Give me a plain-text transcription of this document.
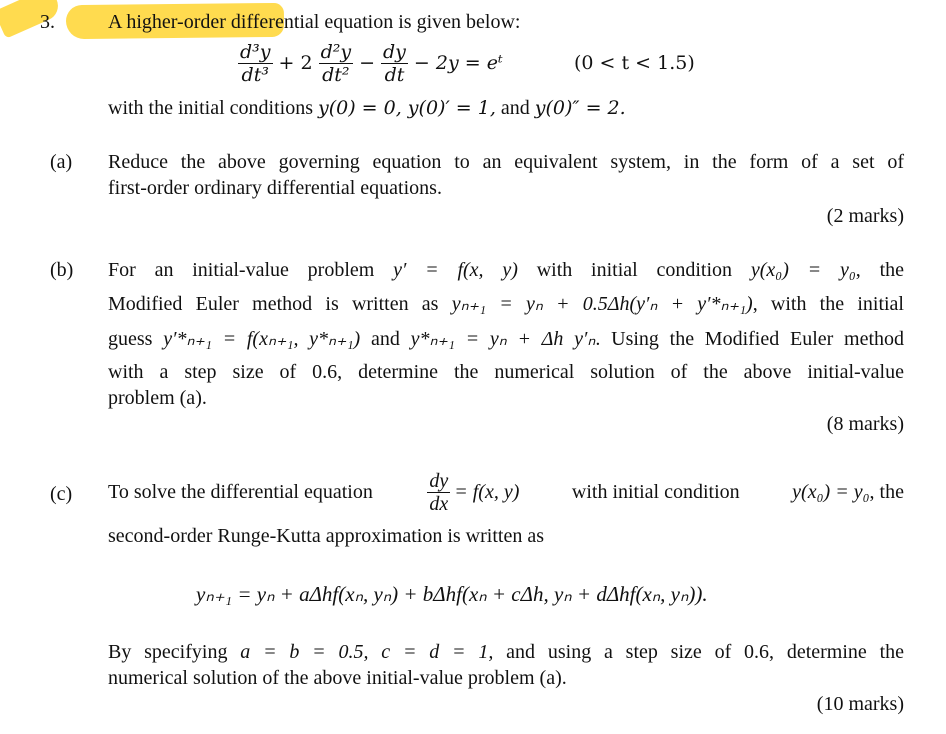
3.	A higher-order differential equation is given below:
$\frac{\text{d³y}}{\text{dt³}} + 2 \frac{\text{d²y}}{\text{dt²}} - \frac{dy}{dt} - 2y$ = eᵗ	(0 < t < 1.5)
with the initial conditions y(0) = 0, y(0)′ = 1, and y(0)″ = 2.
(a) Reduce the above governing equation to an equivalent system, in the form of a set of
first-order ordinary differential equations.
(2 marks)
(b) For an initial-value problem y′ = f(x, y) with initial condition y(x₀) = y₀, the
Modified Euler method is written as yₙ₊₁ = yₙ + 0.5Δh(y′ₙ + y′*ₙ₊₁), with the initial
guess y′*ₙ₊₁ = f(xₙ₊₁, y*ₙ₊₁) and y*ₙ₊₁ = yₙ + Δh y′ₙ. Using the Modified Euler method
with a step size of 0.6, determine the numerical solution of the above initial-value
problem (a).
(8 marks)
(c) To solve the differential equation	$\frac{dy}{dx} = f(x$, y)	with initial condition	y(x₀) = y₀, the
second-order Runge-Kutta approximation is written as
yₙ₊₁ = yₙ + aΔhf(xₙ, yₙ) + bΔhf(xₙ + cΔh, yₙ + dΔhf(xₙ, yₙ)).
By specifying a = b = 0.5, c = d = 1, and using a step size of 0.6, determine the
numerical solution of the above initial-value problem (a).
(10 marks)
